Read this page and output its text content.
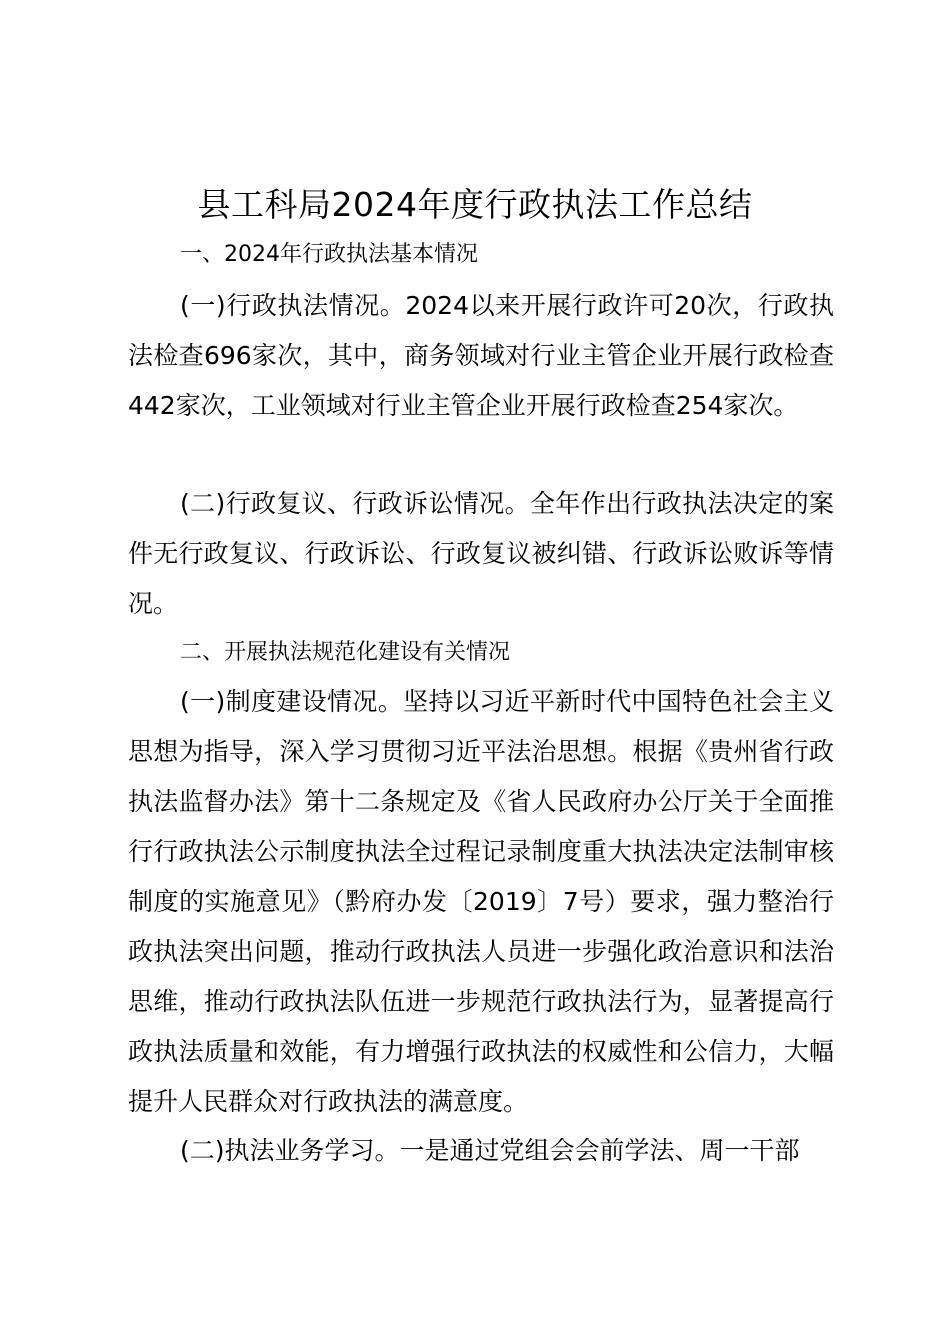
县工科局2024年度行政执法工作总结
一、2024年行政执法基本情况

(一)行政执法情况。2024以来开展行政许可20次，行政执法检查696家次，其中，商务领域对行业主管企业开展行政检查442家次，工业领域对行业主管企业开展行政检查254家次。

(二)行政复议、行政诉讼情况。全年作出行政执法决定的案件无行政复议、行政诉讼、行政复议被纠错、行政诉讼败诉等情况。

二、开展执法规范化建设有关情况

(一)制度建设情况。坚持以习近平新时代中国特色社会主义思想为指导，深入学习贯彻习近平法治思想。根据《贵州省行政执法监督办法》第十二条规定及《省人民政府办公厅关于全面推行行政执法公示制度执法全过程记录制度重大执法决定法制审核制度的实施意见》（黔府办发〔2019〕7号）要求，强力整治行政执法突出问题，推动行政执法人员进一步强化政治意识和法治思维，推动行政执法队伍进一步规范行政执法行为，显著提高行政执法质量和效能，有力增强行政执法的权威性和公信力，大幅提升人民群众对行政执法的满意度。

(二)执法业务学习。一是通过党组会会前学法、周一干部
